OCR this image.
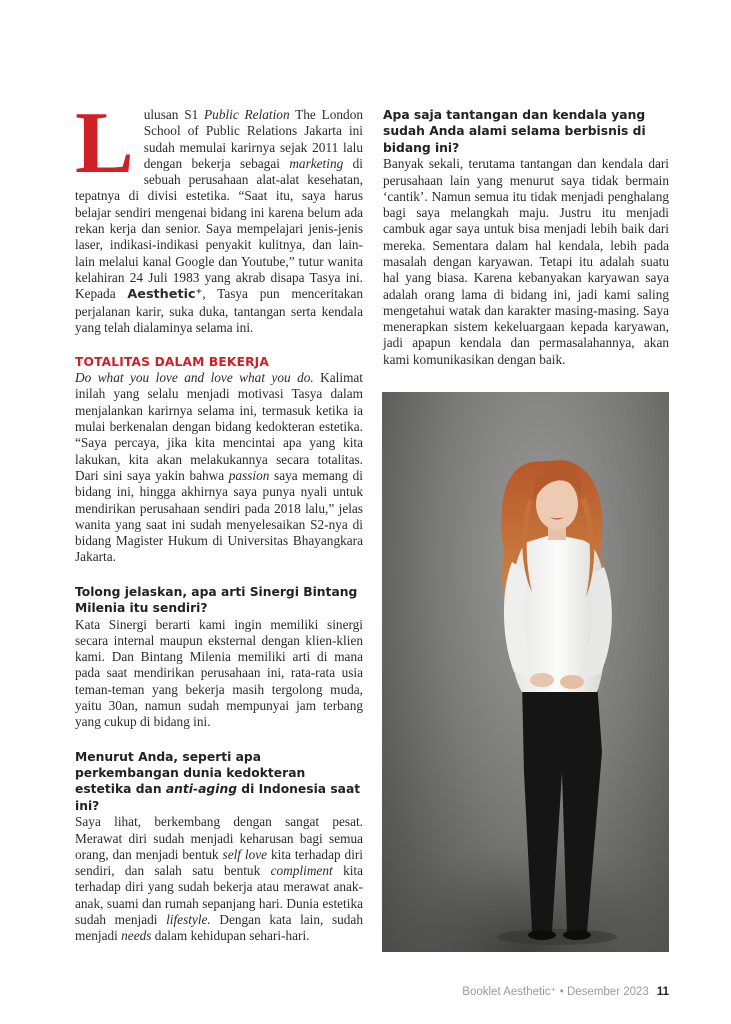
Lulusan S1 Public Relation The London School of Public Relations Jakarta ini sudah memulai karirnya sejak 2011 lalu dengan bekerja sebagai marketing di sebuah perusahaan alat-alat kesehatan, tepatnya di divisi estetika. “Saat itu, saya harus belajar sendiri mengenai bidang ini karena belum ada rekan kerja dan senior. Saya mempelajari jenis-jenis laser, indikasi-indikasi penyakit kulitnya, dan lain-lain melalui kanal Google dan Youtube,” tutur wanita kelahiran 24 Juli 1983 yang akrab disapa Tasya ini. Kepada Aesthetic⁺, Tasya pun menceritakan perjalanan karir, suka duka, tantangan serta kendala yang telah dialaminya selama ini.

TOTALITAS DALAM BEKERJA

Do what you love and love what you do. Kalimat inilah yang selalu menjadi motivasi Tasya dalam menjalankan karirnya selama ini, termasuk ketika ia mulai berkenalan dengan bidang kedokteran estetika. “Saya percaya, jika kita mencintai apa yang kita lakukan, kita akan melakukannya secara totalitas. Dari sini saya yakin bahwa passion saya memang di bidang ini, hingga akhirnya saya punya nyali untuk mendirikan perusahaan sendiri pada 2018 lalu,” jelas wanita yang saat ini sudah menyelesaikan S2-nya di bidang Magister Hukum di Universitas Bhayangkara Jakarta.

Tolong jelaskan, apa arti Sinergi Bintang Milenia itu sendiri?

Kata Sinergi berarti kami ingin memiliki sinergi secara internal maupun eksternal dengan klien-klien kami. Dan Bintang Milenia memiliki arti di mana pada saat mendirikan perusahaan ini, rata-rata usia teman-teman yang bekerja masih tergolong muda, yaitu 30an, namun sudah mempunyai jam terbang yang cukup di bidang ini.

Menurut Anda, seperti apa perkembangan dunia kedokteran estetika dan anti-aging di Indonesia saat ini?

Saya lihat, berkembang dengan sangat pesat. Merawat diri sudah menjadi keharusan bagi semua orang, dan menjadi bentuk self love kita terhadap diri sendiri, dan salah satu bentuk compliment kita terhadap diri yang sudah bekerja atau merawat anak-anak, suami dan rumah sepanjang hari. Dunia estetika sudah menjadi lifestyle. Dengan kata lain, sudah menjadi needs dalam kehidupan sehari-hari.

Apa saja tantangan dan kendala yang sudah Anda alami selama berbisnis di bidang ini?

Banyak sekali, terutama tantangan dan kendala dari perusahaan lain yang menurut saya tidak bermain ‘cantik’. Namun semua itu tidak menjadi penghalang bagi saya melangkah maju. Justru itu menjadi cambuk agar saya untuk bisa menjadi lebih baik dari mereka. Sementara dalam hal kendala, lebih pada masalah dengan karyawan. Tetapi itu adalah suatu hal yang biasa. Karena kebanyakan karyawan saya adalah orang lama di bidang ini, jadi kami saling mengetahui watak dan karakter masing-masing. Saya menerapkan sistem kekeluargaan kepada karyawan, jadi apapun kendala dan permasalahannya, akan kami komunikasikan dengan baik.

Booklet Aesthetic⁺ • Desember 2023 11
